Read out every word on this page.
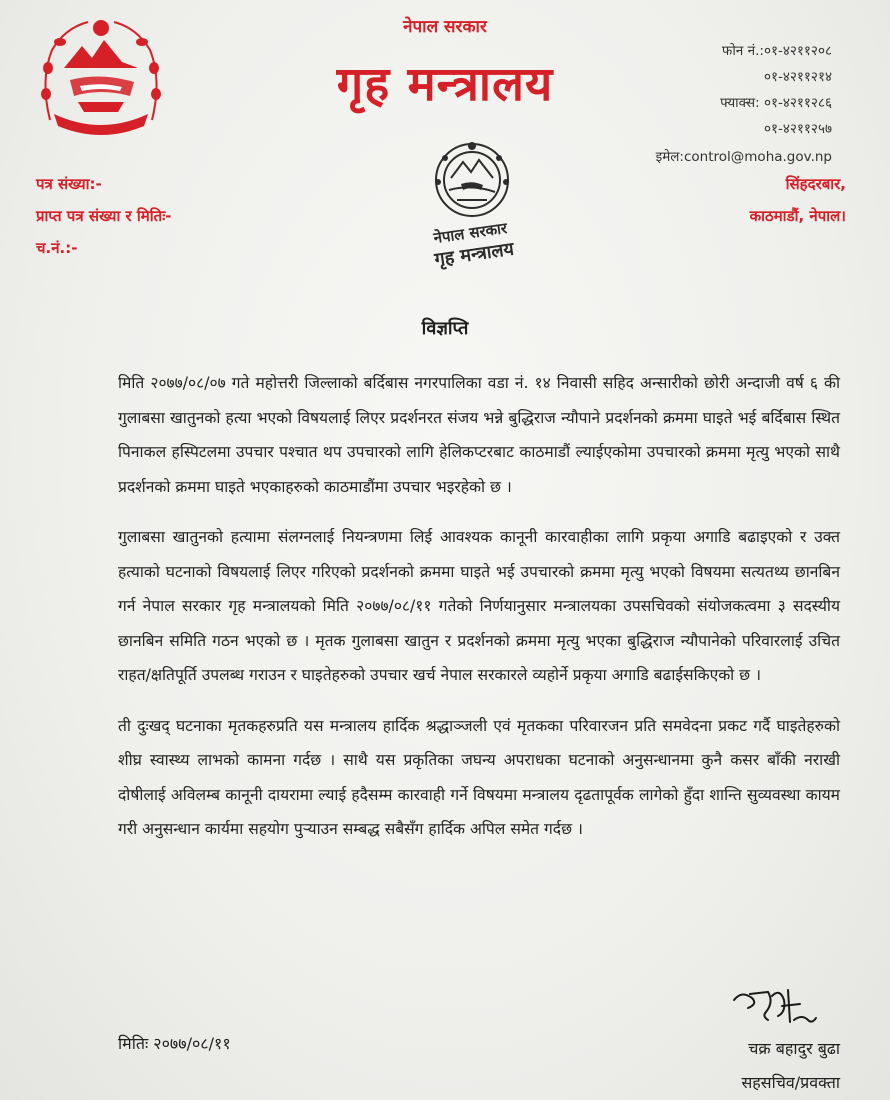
नेपाल सरकार
गृह मन्त्रालय
नेपाल सरकार
गृह मन्त्रालय
फोन नं.:०१-४२११२०८
०१-४२११२१४
फ्याक्स: ०१-४२११२८६
०१-४२११२५७
इमेल:control@moha.gov.np
सिंहदरबार,
काठमाडौं, नेपाल।
पत्र संख्या:-
प्राप्त पत्र संख्या र मितिः-
च.नं.:-
विज्ञप्ति

मिति २०७७/०८/०७ गते महोत्तरी जिल्लाको बर्दिबास नगरपालिका वडा नं. १४ निवासी सहिद अन्सारीको छोरी अन्दाजी वर्ष ६ की गुलाबसा खातुनको हत्या भएको विषयलाई लिएर प्रदर्शनरत संजय भन्ने बुद्धिराज न्यौपाने प्रदर्शनको क्रममा घाइते भई बर्दिबास स्थित पिनाकल हस्पिटलमा उपचार पश्चात थप उपचारको लागि हेलिकप्टरबाट काठमाडौं ल्याईएकोमा उपचारको क्रममा मृत्यु भएको साथै प्रदर्शनको क्रममा घाइते भएकाहरुको काठमाडौंमा उपचार भइरहेको छ ।

गुलाबसा खातुनको हत्यामा संलग्नलाई नियन्त्रणमा लिई आवश्यक कानूनी कारवाहीका लागि प्रकृया अगाडि बढाइएको र उक्त हत्याको घटनाको विषयलाई लिएर गरिएको प्रदर्शनको क्रममा घाइते भई उपचारको क्रममा मृत्यु भएको विषयमा सत्यतथ्य छानबिन गर्न नेपाल सरकार गृह मन्त्रालयको मिति २०७७/०८/११ गतेको निर्णयानुसार मन्त्रालयका उपसचिवको संयोजकत्वमा ३ सदस्यीय छानबिन समिति गठन भएको छ । मृतक गुलाबसा खातुन र प्रदर्शनको क्रममा मृत्यु भएका बुद्धिराज न्यौपानेको परिवारलाई उचित राहत/क्षतिपूर्ति उपलब्ध गराउन र घाइतेहरुको उपचार खर्च नेपाल सरकारले व्यहोर्ने प्रकृया अगाडि बढाईसकिएको छ ।

ती दुःखद् घटनाका मृतकहरुप्रति यस मन्त्रालय हार्दिक श्रद्धाञ्जली एवं मृतकका परिवारजन प्रति समवेदना प्रकट गर्दै घाइतेहरुको शीघ्र स्वास्थ्य लाभको कामना गर्दछ । साथै यस प्रकृतिका जघन्य अपराधका घटनाको अनुसन्धानमा कुनै कसर बाँकी नराखी दोषीलाई अविलम्ब कानूनी दायरामा ल्याई हदैसम्म कारवाही गर्ने विषयमा मन्त्रालय दृढतापूर्वक लागेको हुँदा शान्ति सुव्यवस्था कायम गरी अनुसन्धान कार्यमा सहयोग पुऱ्याउन सम्बद्ध सबैसँग हार्दिक अपिल समेत गर्दछ ।

मितिः २०७७/०८/११	चक्र बहादुर बुढा
सहसचिव/प्रवक्ता
